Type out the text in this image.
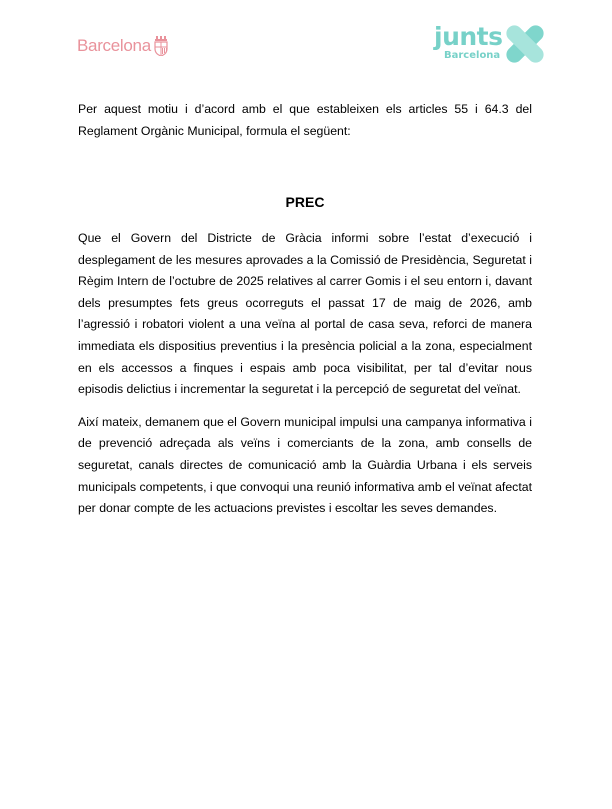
Barcelona	junts
Barcelona

Per aquest motiu i d’acord amb el que estableixen els articles 55 i 64.3 del Reglament Orgànic Municipal, formula el següent:

PREC

Que el Govern del Districte de Gràcia informi sobre l’estat d’execució i desplegament de les mesures aprovades a la Comissió de Presidència, Seguretat i Règim Intern de l’octubre de 2025 relatives al carrer Gomis i el seu entorn i, davant dels presumptes fets greus ocorreguts el passat 17 de maig de 2026, amb l’agressió i robatori violent a una veïna al portal de casa seva, reforci de manera immediata els dispositius preventius i la presència policial a la zona, especialment en els accessos a finques i espais amb poca visibilitat, per tal d’evitar nous episodis delictius i incrementar la seguretat i la percepció de seguretat del veïnat.

Així mateix, demanem que el Govern municipal impulsi una campanya informativa i de prevenció adreçada als veïns i comerciants de la zona, amb consells de seguretat, canals directes de comunicació amb la Guàrdia Urbana i els serveis municipals competents, i que convoqui una reunió informativa amb el veïnat afectat per donar compte de les actuacions previstes i escoltar les seves demandes.
